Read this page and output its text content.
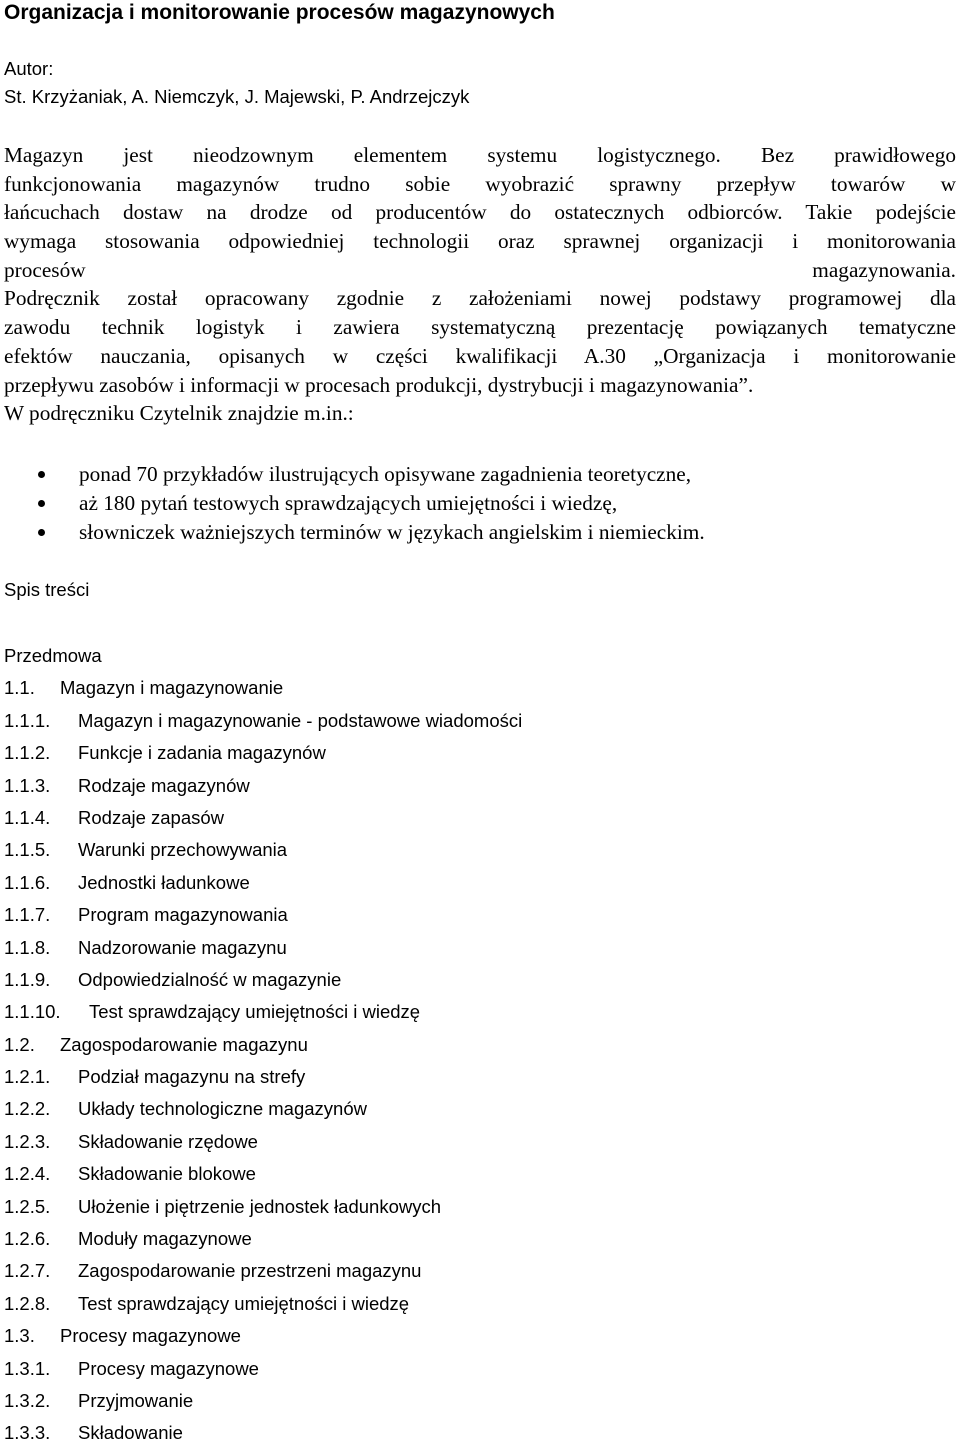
Organizacja i monitorowanie procesów magazynowych
Autor:
St. Krzyżaniak, A. Niemczyk, J. Majewski, P. Andrzejczyk
Magazyn jest nieodzownym elementem systemu logistycznego. Bez prawidłowego
funkcjonowania magazynów trudno sobie wyobrazić sprawny przepływ towarów w
łańcuchach dostaw na drodze od producentów do ostatecznych odbiorców. Takie podejście
wymaga stosowania odpowiedniej technologii oraz sprawnej organizacji i monitorowania
procesów magazynowania.
Podręcznik został opracowany zgodnie z założeniami nowej podstawy programowej dla
zawodu technik logistyk i zawiera systematyczną prezentację powiązanych tematyczne
efektów nauczania, opisanych w części kwalifikacji A.30 „Organizacja i monitorowanie
przepływu zasobów i informacji w procesach produkcji, dystrybucji i magazynowania”.
W podręczniku Czytelnik znajdzie m.in.:
ponad 70 przykładów ilustrujących opisywane zagadnienia teoretyczne,
aż 180 pytań testowych sprawdzających umiejętności i wiedzę,
słowniczek ważniejszych terminów w językach angielskim i niemieckim.
Spis treści
Przedmowa
1.1. Magazyn i magazynowanie
1.1.1. Magazyn i magazynowanie - podstawowe wiadomości
1.1.2. Funkcje i zadania magazynów
1.1.3. Rodzaje magazynów
1.1.4. Rodzaje zapasów
1.1.5. Warunki przechowywania
1.1.6. Jednostki ładunkowe
1.1.7. Program magazynowania
1.1.8. Nadzorowanie magazynu
1.1.9. Odpowiedzialność w magazynie
1.1.10. Test sprawdzający umiejętności i wiedzę
1.2. Zagospodarowanie magazynu
1.2.1. Podział magazynu na strefy
1.2.2. Układy technologiczne magazynów
1.2.3. Składowanie rzędowe
1.2.4. Składowanie blokowe
1.2.5. Ułożenie i piętrzenie jednostek ładunkowych
1.2.6. Moduły magazynowe
1.2.7. Zagospodarowanie przestrzeni magazynu
1.2.8. Test sprawdzający umiejętności i wiedzę
1.3. Procesy magazynowe
1.3.1. Procesy magazynowe
1.3.2. Przyjmowanie
1.3.3. Składowanie
